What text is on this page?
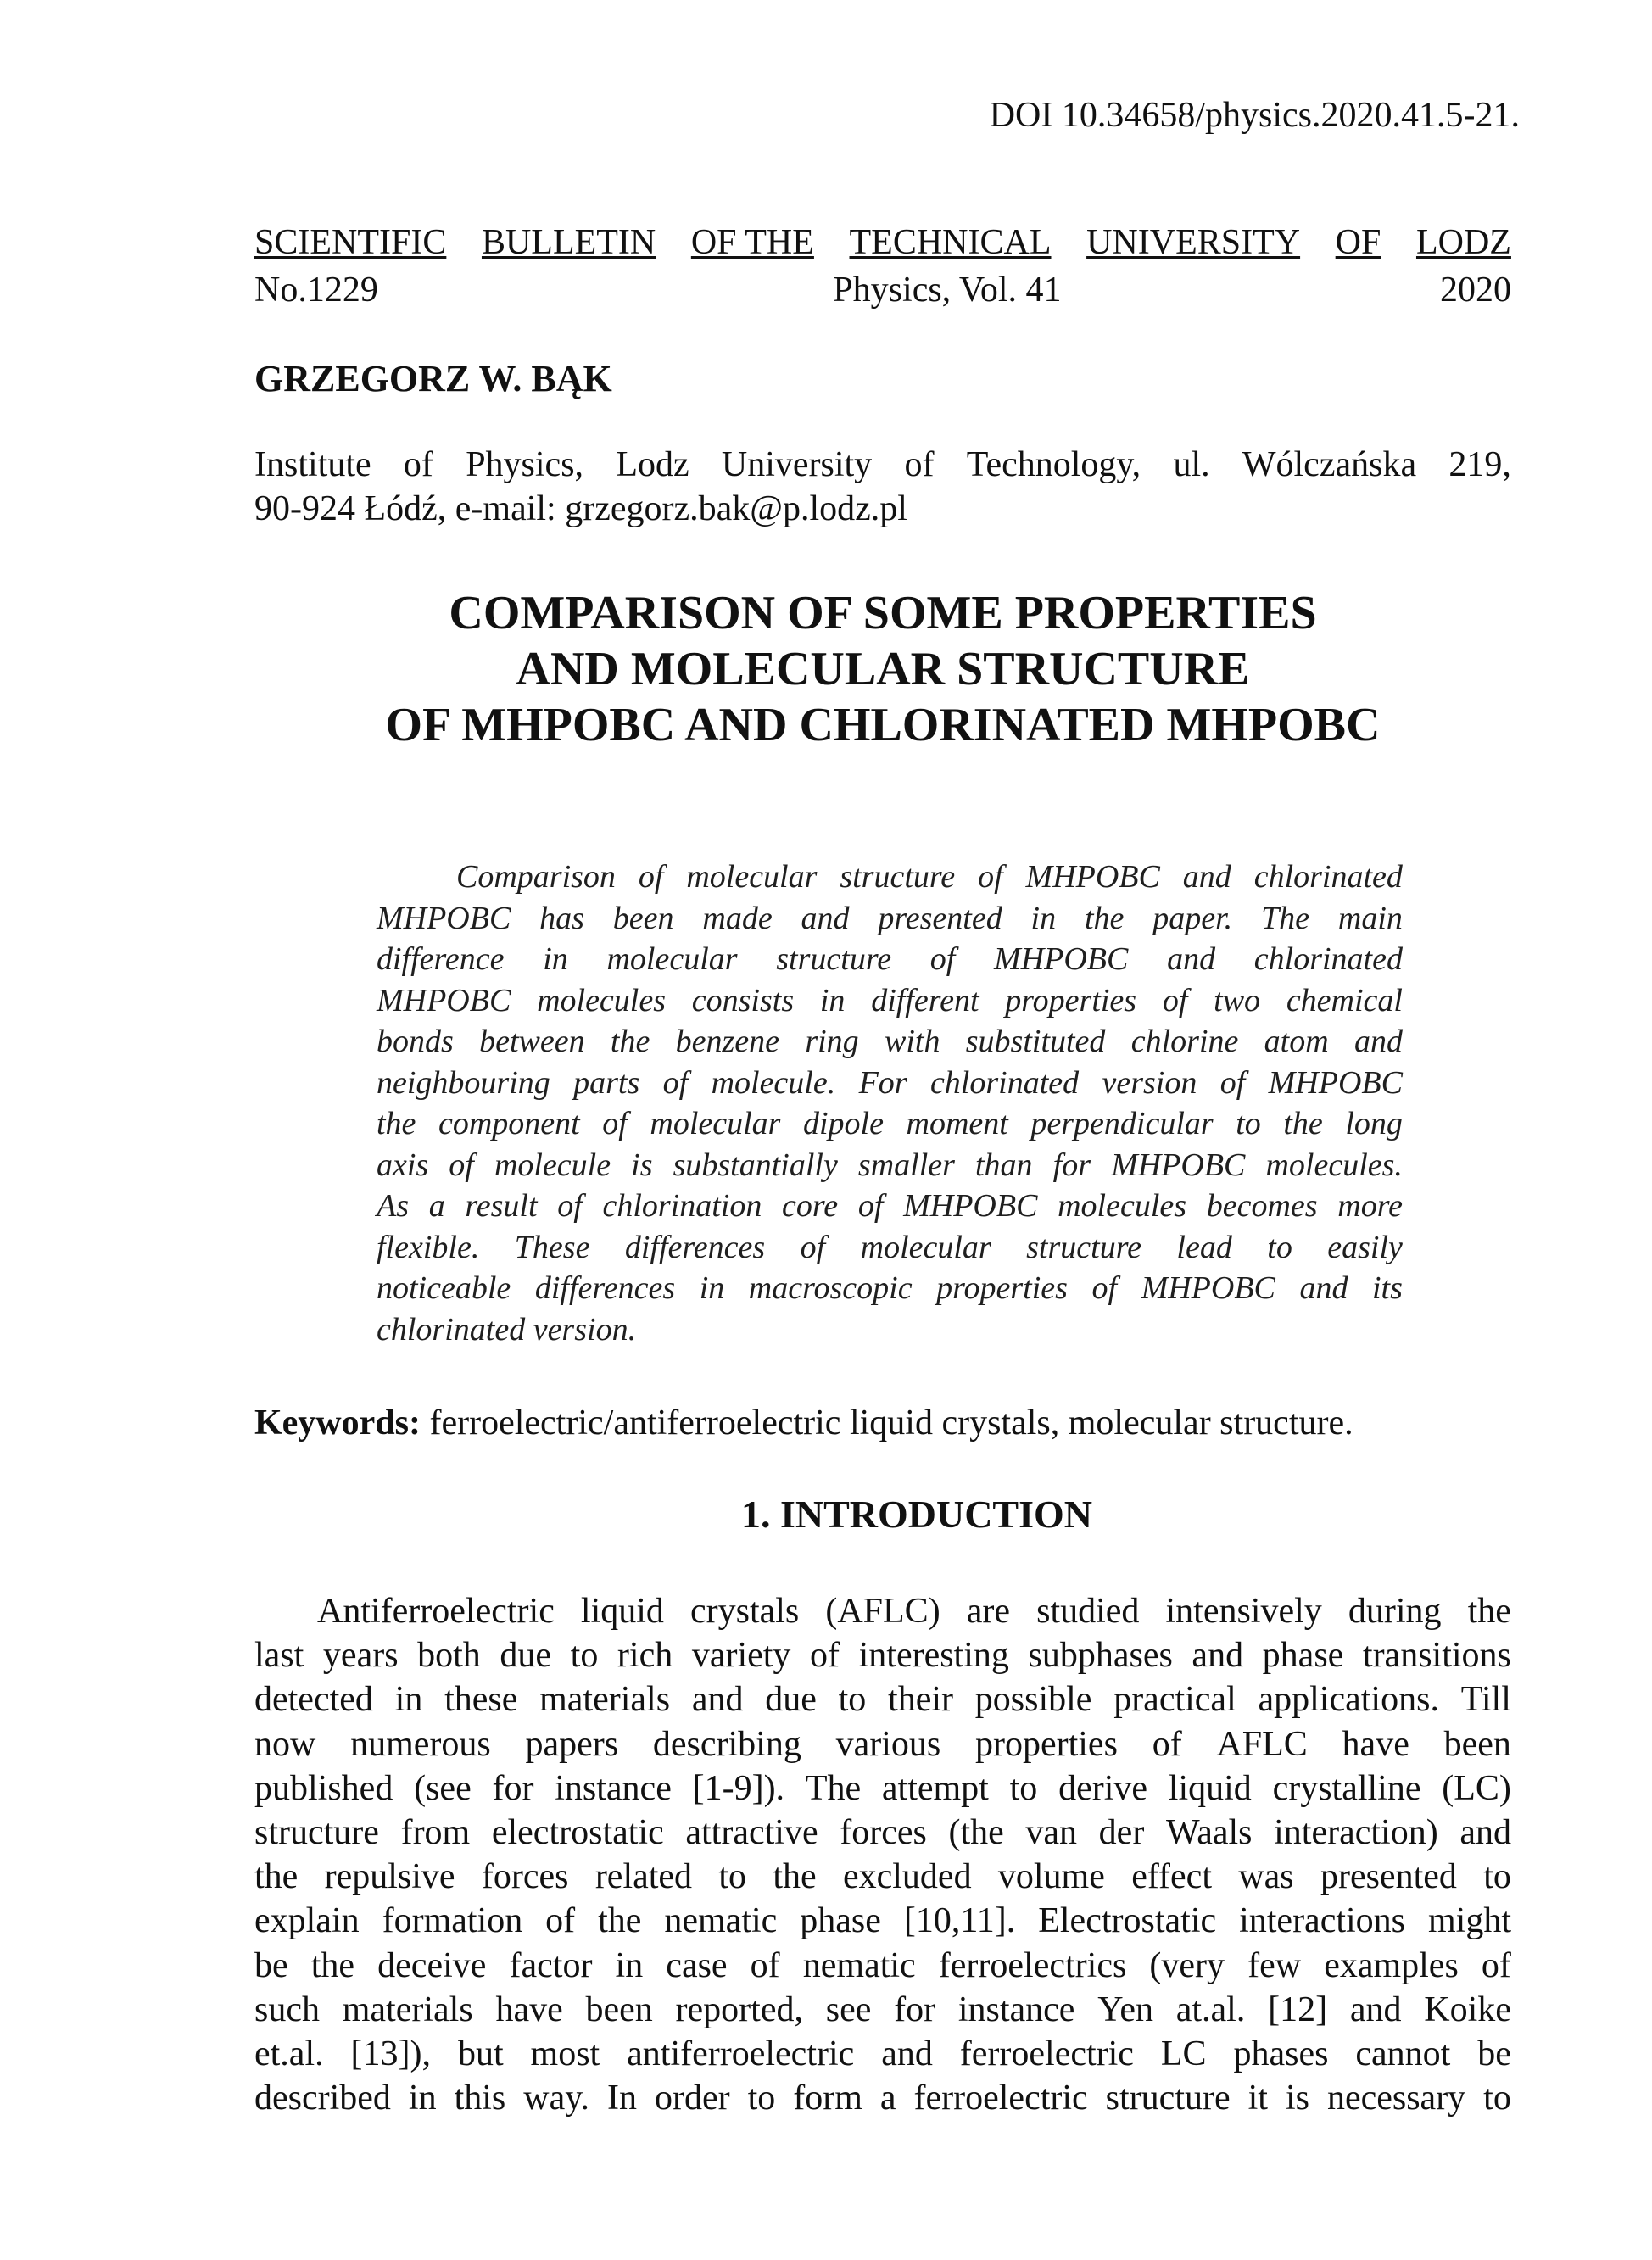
DOI 10.34658/physics.2020.41.5-21.
SCIENTIFIC BULLETIN OF THE TECHNICAL UNIVERSITY OF LODZ
No.1229	Physics, Vol. 41	2020
GRZEGORZ W. BĄK
Institute of Physics, Lodz University of Technology, ul. Wólczańska 219,
90-924 Łódź, e-mail: grzegorz.bak@p.lodz.pl
COMPARISON OF SOME PROPERTIES
AND MOLECULAR STRUCTURE
OF MHPOBC AND CHLORINATED MHPOBC
Comparison of molecular structure of MHPOBC and chlorinated
MHPOBC has been made and presented in the paper. The main
difference in molecular structure of MHPOBC and chlorinated
MHPOBC molecules consists in different properties of two chemical
bonds between the benzene ring with substituted chlorine atom and
neighbouring parts of molecule. For chlorinated version of MHPOBC
the component of molecular dipole moment perpendicular to the long
axis of molecule is substantially smaller than for MHPOBC molecules.
As a result of chlorination core of MHPOBC molecules becomes more
flexible. These differences of molecular structure lead to easily
noticeable differences in macroscopic properties of MHPOBC and its
chlorinated version.
Keywords: ferroelectric/antiferroelectric liquid crystals, molecular structure.
1. INTRODUCTION
Antiferroelectric liquid crystals (AFLC) are studied intensively during the
last years both due to rich variety of interesting subphases and phase transitions
detected in these materials and due to their possible practical applications. Till
now numerous papers describing various properties of AFLC have been
published (see for instance [1-9]). The attempt to derive liquid crystalline (LC)
structure from electrostatic attractive forces (the van der Waals interaction) and
the repulsive forces related to the excluded volume effect was presented to
explain formation of the nematic phase [10,11]. Electrostatic interactions might
be the deceive factor in case of nematic ferroelectrics (very few examples of
such materials have been reported, see for instance Yen at.al. [12] and Koike
et.al. [13]), but most antiferroelectric and ferroelectric LC phases cannot be
described in this way. In order to form a ferroelectric structure it is necessary to
